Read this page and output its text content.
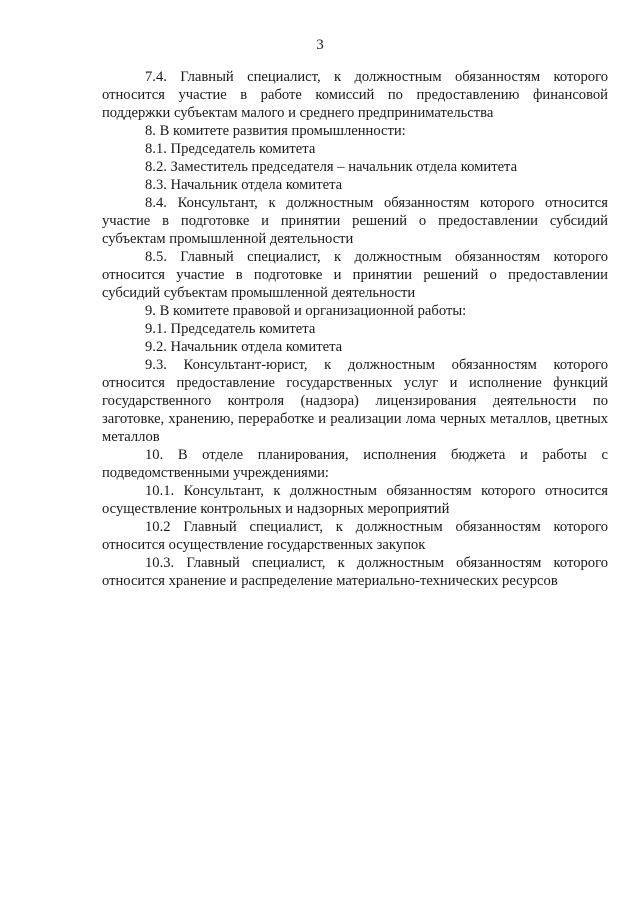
3

7.4. Главный специалист, к должностным обязанностям которого относится участие в работе комиссий по предоставлению финансовой поддержки субъектам малого и среднего предпринимательства

8. В комитете развития промышленности:

8.1. Председатель комитета

8.2. Заместитель председателя – начальник отдела комитета

8.3. Начальник отдела комитета

8.4. Консультант, к должностным обязанностям которого относится участие в подготовке и принятии решений о предоставлении субсидий субъектам промышленной деятельности

8.5. Главный специалист, к должностным обязанностям которого относится участие в подготовке и принятии решений о предоставлении субсидий субъектам промышленной деятельности

9. В комитете правовой и организационной работы:

9.1. Председатель комитета

9.2. Начальник отдела комитета

9.3. Консультант-юрист, к должностным обязанностям которого относится предоставление государственных услуг и исполнение функций государственного контроля (надзора) лицензирования деятельности по заготовке, хранению, переработке и реализации лома черных металлов, цветных металлов

10. В отделе планирования, исполнения бюджета и работы с подведомственными учреждениями:

10.1. Консультант, к должностным обязанностям которого относится осуществление контрольных и надзорных мероприятий

10.2 Главный специалист, к должностным обязанностям которого относится осуществление государственных закупок

10.3. Главный специалист, к должностным обязанностям которого относится хранение и распределение материально-технических ресурсов
